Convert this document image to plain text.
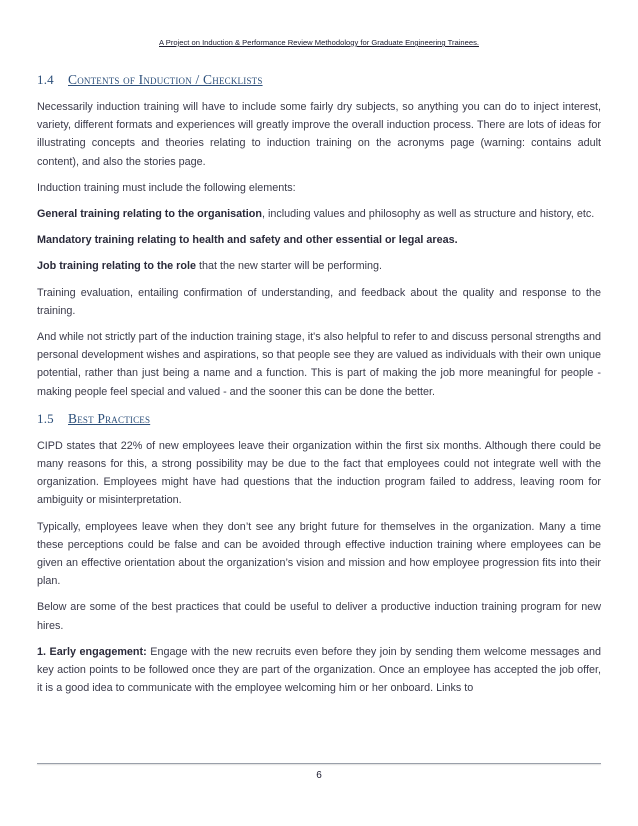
A Project on Induction & Performance Review Methodology for Graduate Engineering Trainees.
1.4 Contents of Induction / Checklists

Necessarily induction training will have to include some fairly dry subjects, so anything you can do to inject interest, variety, different formats and experiences will greatly improve the overall induction process. There are lots of ideas for illustrating concepts and theories relating to induction training on the acronyms page (warning: contains adult content), and also the stories page.

Induction training must include the following elements:

General training relating to the organisation, including values and philosophy as well as structure and history, etc.

Mandatory training relating to health and safety and other essential or legal areas.

Job training relating to the role that the new starter will be performing.

Training evaluation, entailing confirmation of understanding, and feedback about the quality and response to the training.

And while not strictly part of the induction training stage, it's also helpful to refer to and discuss personal strengths and personal development wishes and aspirations, so that people see they are valued as individuals with their own unique potential, rather than just being a name and a function. This is part of making the job more meaningful for people - making people feel special and valued - and the sooner this can be done the better.

1.5 Best Practices

CIPD states that 22% of new employees leave their organization within the first six months. Although there could be many reasons for this, a strong possibility may be due to the fact that employees could not integrate well with the organization. Employees might have had questions that the induction program failed to address, leaving room for ambiguity or misinterpretation.

Typically, employees leave when they don’t see any bright future for themselves in the organization. Many a time these perceptions could be false and can be avoided through effective induction training where employees can be given an effective orientation about the organization’s vision and mission and how employee progression fits into their plan.

Below are some of the best practices that could be useful to deliver a productive induction training program for new hires.

1. Early engagement: Engage with the new recruits even before they join by sending them welcome messages and key action points to be followed once they are part of the organization. Once an employee has accepted the job offer, it is a good idea to communicate with the employee welcoming him or her onboard. Links to

6
